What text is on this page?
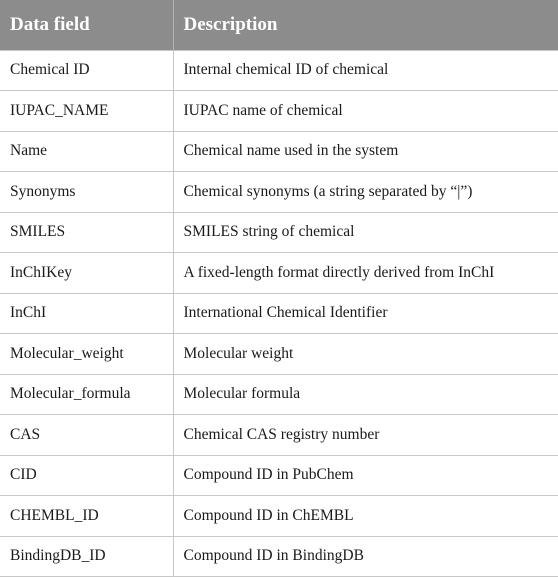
Data field	Description
Chemical ID	Internal chemical ID of chemical
IUPAC_NAME	IUPAC name of chemical
Name	Chemical name used in the system
Synonyms	Chemical synonyms (a string separated by “|”)
SMILES	SMILES string of chemical
InChIKey	A fixed-length format directly derived from InChI
InChI	International Chemical Identifier
Molecular_weight	Molecular weight
Molecular_formula	Molecular formula
CAS	Chemical CAS registry number
CID	Compound ID in PubChem
CHEMBL_ID	Compound ID in ChEMBL
BindingDB_ID	Compound ID in BindingDB
